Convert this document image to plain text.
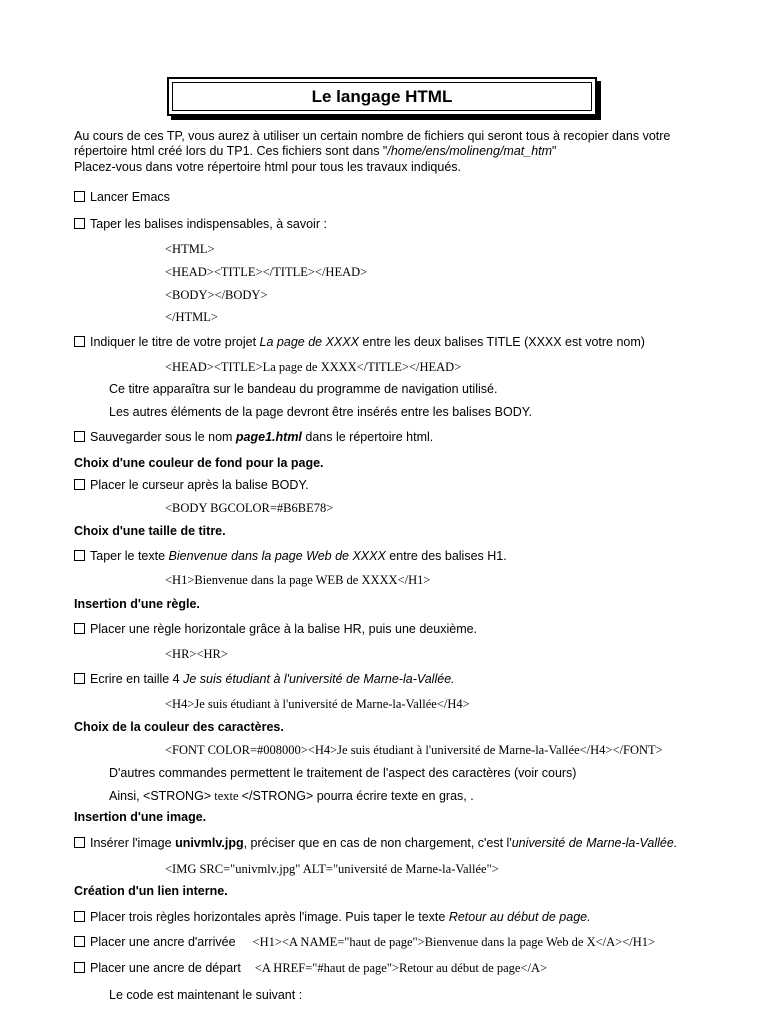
Le langage HTML
Au cours de ces TP, vous aurez à utiliser un certain nombre de fichiers qui seront tous à recopier dans votre
répertoire html créé lors du TP1. Ces fichiers sont dans "/home/ens/molineng/mat_htm"
Placez-vous dans votre répertoire html pour tous les travaux indiqués.
Lancer Emacs
Taper les balises indispensables, à savoir :
<HTML>
<HEAD><TITLE></TITLE></HEAD>
<BODY></BODY>
</HTML>
Indiquer le titre de votre projet La page de XXXX entre les deux balises TITLE (XXXX est votre nom)
<HEAD><TITLE>La page de XXXX</TITLE></HEAD>
Ce titre apparaîtra sur le bandeau du programme de navigation utilisé.
Les autres éléments de la page devront être insérés entre les balises BODY.
Sauvegarder sous le nom page1.html dans le répertoire html.
Choix d'une couleur de fond pour la page.
Placer le curseur après la balise BODY.
<BODY BGCOLOR=#B6BE78>
Choix d'une taille de titre.
Taper le texte Bienvenue dans la page Web de XXXX entre des balises H1.
<H1>Bienvenue dans la page WEB de XXXX</H1>
Insertion d'une règle.
Placer une règle horizontale grâce à la balise HR, puis une deuxième.
<HR><HR>
Ecrire en taille 4 Je suis étudiant à l'université de Marne-la-Vallée.
<H4>Je suis étudiant à l'université de Marne-la-Vallée</H4>
Choix de la couleur des caractères.
<FONT COLOR=#008000><H4>Je suis étudiant à l'université de Marne-la-Vallée</H4></FONT>
D'autres commandes permettent le traitement de l'aspect des caractères (voir cours)
Ainsi, <STRONG> texte </STRONG> pourra écrire texte en gras, .
Insertion d'une image.
Insérer l'image univmlv.jpg, préciser que en cas de non chargement, c'est l'université de Marne-la-Vallée.
<IMG SRC="univmlv.jpg" ALT="université de Marne-la-Vallée">
Création d'un lien interne.
Placer trois règles horizontales après l'image. Puis taper le texte Retour au début de page.
Placer une ancre d'arrivée <H1><A NAME="haut de page">Bienvenue dans la page Web de X</A></H1>
Placer une ancre de départ <A HREF="#haut de page">Retour au début de page</A>
Le code est maintenant le suivant :
